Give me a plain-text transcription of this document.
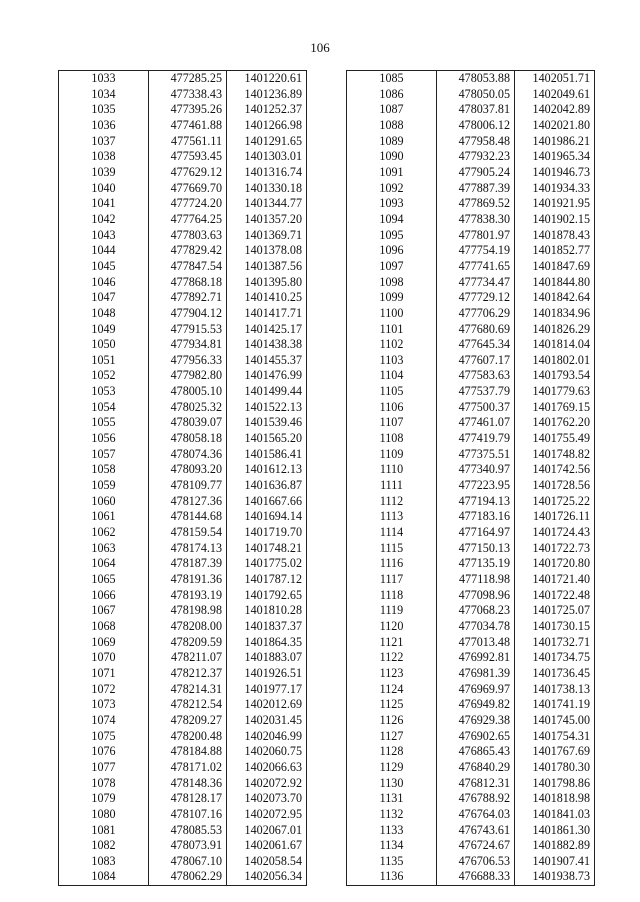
106
1033	477285.25	1401220.61
1034	477338.43	1401236.89
1035	477395.26	1401252.37
1036	477461.88	1401266.98
1037	477561.11	1401291.65
1038	477593.45	1401303.01
1039	477629.12	1401316.74
1040	477669.70	1401330.18
1041	477724.20	1401344.77
1042	477764.25	1401357.20
1043	477803.63	1401369.71
1044	477829.42	1401378.08
1045	477847.54	1401387.56
1046	477868.18	1401395.80
1047	477892.71	1401410.25
1048	477904.12	1401417.71
1049	477915.53	1401425.17
1050	477934.81	1401438.38
1051	477956.33	1401455.37
1052	477982.80	1401476.99
1053	478005.10	1401499.44
1054	478025.32	1401522.13
1055	478039.07	1401539.46
1056	478058.18	1401565.20
1057	478074.36	1401586.41
1058	478093.20	1401612.13
1059	478109.77	1401636.87
1060	478127.36	1401667.66
1061	478144.68	1401694.14
1062	478159.54	1401719.70
1063	478174.13	1401748.21
1064	478187.39	1401775.02
1065	478191.36	1401787.12
1066	478193.19	1401792.65
1067	478198.98	1401810.28
1068	478208.00	1401837.37
1069	478209.59	1401864.35
1070	478211.07	1401883.07
1071	478212.37	1401926.51
1072	478214.31	1401977.17
1073	478212.54	1402012.69
1074	478209.27	1402031.45
1075	478200.48	1402046.99
1076	478184.88	1402060.75
1077	478171.02	1402066.63
1078	478148.36	1402072.92
1079	478128.17	1402073.70
1080	478107.16	1402072.95
1081	478085.53	1402067.01
1082	478073.91	1402061.67
1083	478067.10	1402058.54
1084	478062.29	1402056.34
1085	478053.88	1402051.71
1086	478050.05	1402049.61
1087	478037.81	1402042.89
1088	478006.12	1402021.80
1089	477958.48	1401986.21
1090	477932.23	1401965.34
1091	477905.24	1401946.73
1092	477887.39	1401934.33
1093	477869.52	1401921.95
1094	477838.30	1401902.15
1095	477801.97	1401878.43
1096	477754.19	1401852.77
1097	477741.65	1401847.69
1098	477734.47	1401844.80
1099	477729.12	1401842.64
1100	477706.29	1401834.96
1101	477680.69	1401826.29
1102	477645.34	1401814.04
1103	477607.17	1401802.01
1104	477583.63	1401793.54
1105	477537.79	1401779.63
1106	477500.37	1401769.15
1107	477461.07	1401762.20
1108	477419.79	1401755.49
1109	477375.51	1401748.82
1110	477340.97	1401742.56
1111	477223.95	1401728.56
1112	477194.13	1401725.22
1113	477183.16	1401726.11
1114	477164.97	1401724.43
1115	477150.13	1401722.73
1116	477135.19	1401720.80
1117	477118.98	1401721.40
1118	477098.96	1401722.48
1119	477068.23	1401725.07
1120	477034.78	1401730.15
1121	477013.48	1401732.71
1122	476992.81	1401734.75
1123	476981.39	1401736.45
1124	476969.97	1401738.13
1125	476949.82	1401741.19
1126	476929.38	1401745.00
1127	476902.65	1401754.31
1128	476865.43	1401767.69
1129	476840.29	1401780.30
1130	476812.31	1401798.86
1131	476788.92	1401818.98
1132	476764.03	1401841.03
1133	476743.61	1401861.30
1134	476724.67	1401882.89
1135	476706.53	1401907.41
1136	476688.33	1401938.73
